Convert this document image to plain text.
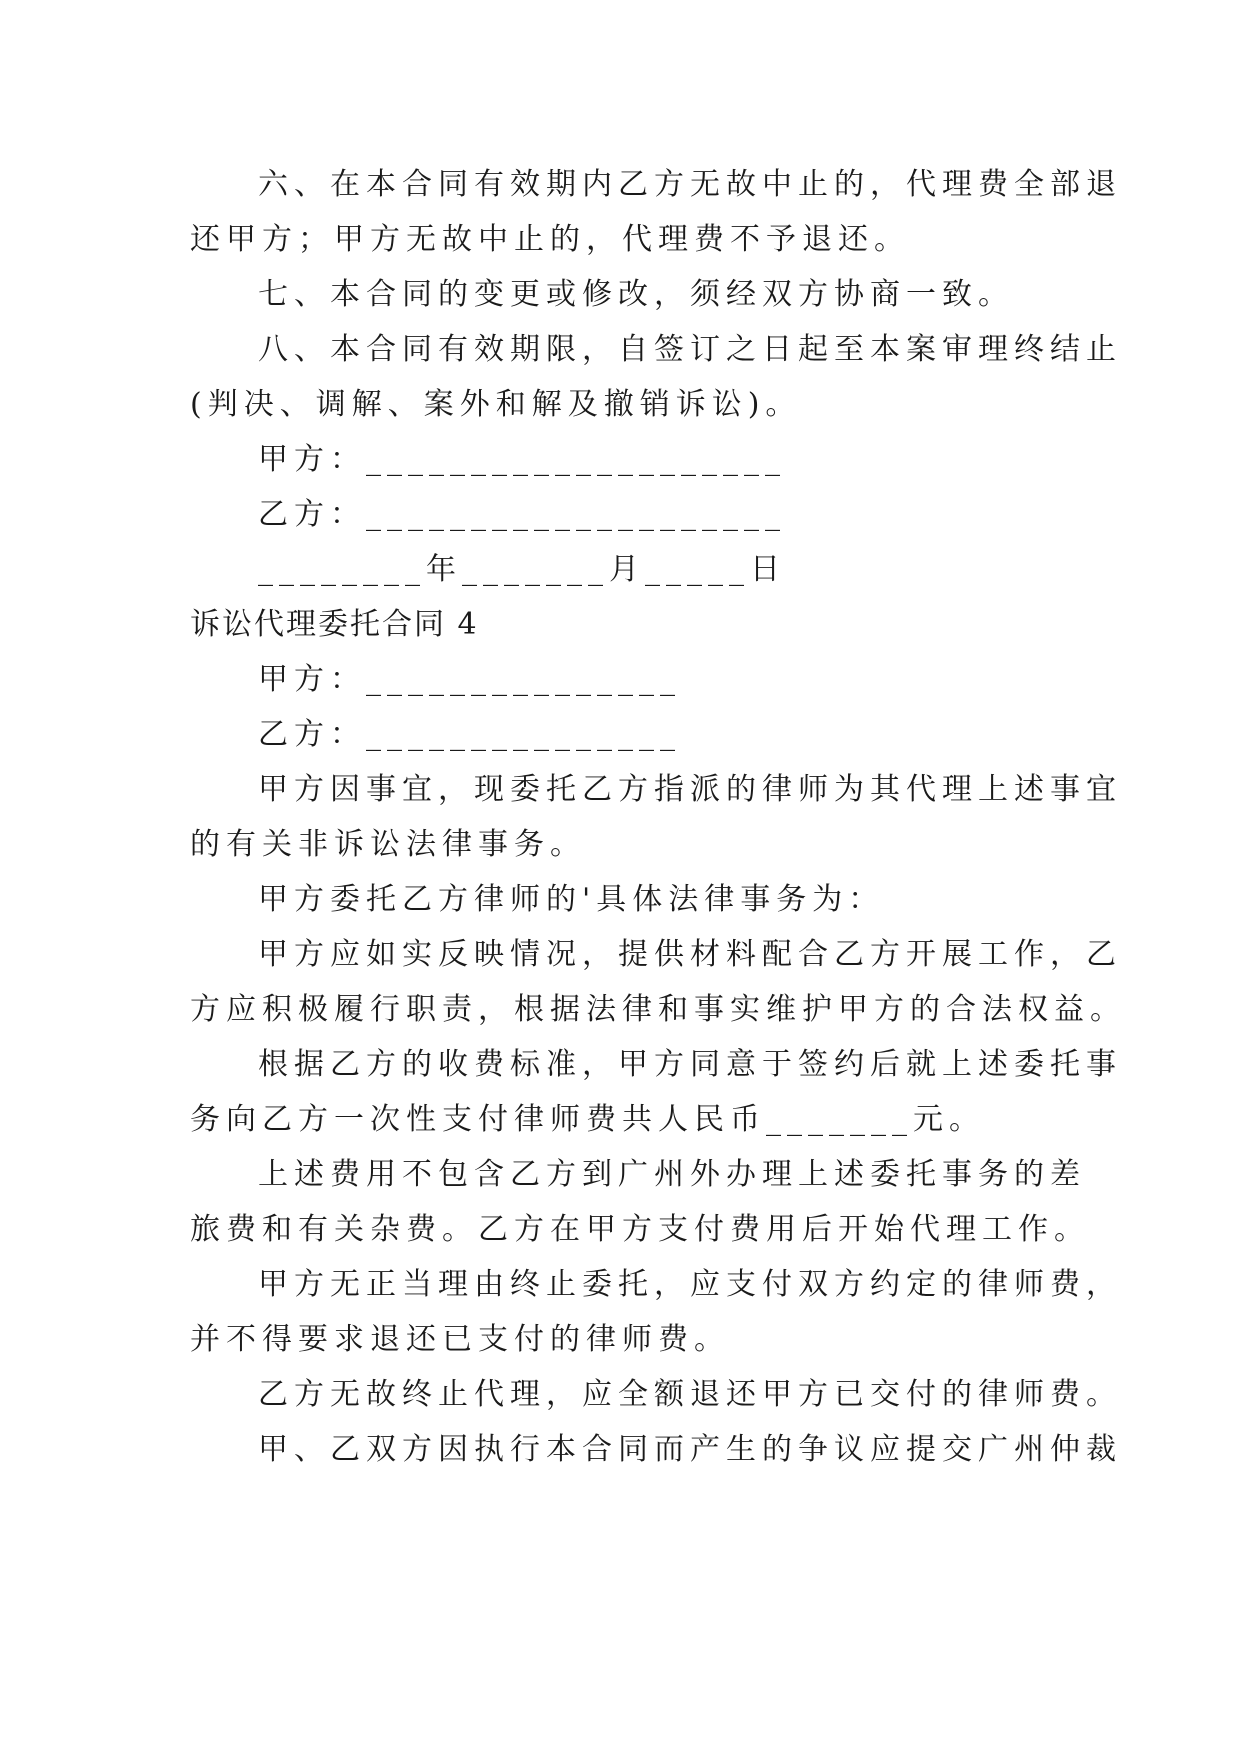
六、在本合同有效期内乙方无故中止的，代理费全部退
还甲方；甲方无故中止的，代理费不予退还。
七、本合同的变更或修改，须经双方协商一致。
八、本合同有效期限，自签订之日起至本案审理终结止
(判决、调解、案外和解及撤销诉讼)。
甲方：____________________
乙方：____________________
________年_______月_____日
诉讼代理委托合同 4
甲方：_______________
乙方：_______________
甲方因事宜，现委托乙方指派的律师为其代理上述事宜
的有关非诉讼法律事务。
甲方委托乙方律师的'具体法律事务为：
甲方应如实反映情况，提供材料配合乙方开展工作，乙
方应积极履行职责，根据法律和事实维护甲方的合法权益。
根据乙方的收费标准，甲方同意于签约后就上述委托事
务向乙方一次性支付律师费共人民币_______元。
上述费用不包含乙方到广州外办理上述委托事务的差
旅费和有关杂费。乙方在甲方支付费用后开始代理工作。
甲方无正当理由终止委托，应支付双方约定的律师费，
并不得要求退还已支付的律师费。
乙方无故终止代理，应全额退还甲方已交付的律师费。
甲、乙双方因执行本合同而产生的争议应提交广州仲裁
